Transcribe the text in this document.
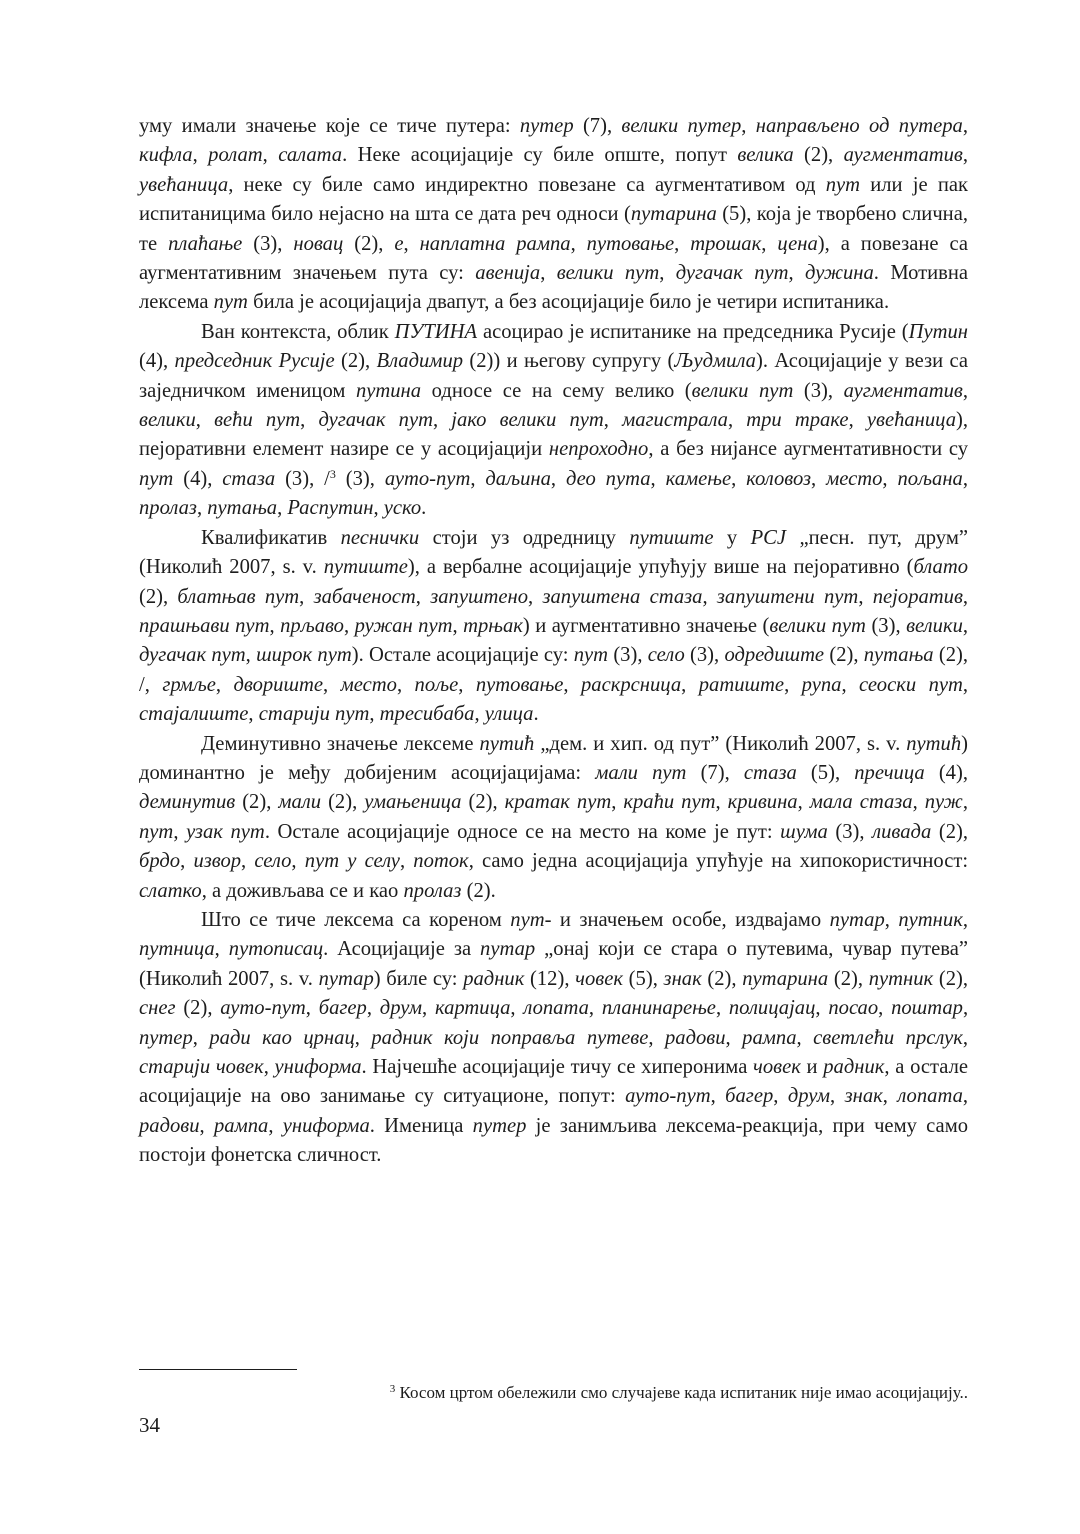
уму имали значење које се тиче путера: путер (7), велики путер, направљено од путера, кифла, ролат, салата. Неке асоцијације су биле опште, попут велика (2), аугментатив, увећаница, неке су биле само индиректно повезане са аугментативом од пут или је пак испитаницима било нејасно на шта се дата реч односи (путарина (5), која је творбено слична, те плаћање (3), новац (2), е, наплатна рампа, путовање, трошак, цена), а повезане са аугментативним значењем пута су: авенија, велики пут, дугачак пут, дужина. Мотивна лексема пут била је асоцијација двапут, а без асоцијације било је четири испитаника.

Ван контекста, облик ПУТИНА асоцирао је испитанике на председника Русије (Путин (4), председник Русије (2), Владимир (2)) и његову супругу (Људмила). Асоцијације у вези са заједничком именицом путина односе се на сему велико (велики пут (3), аугментатив, велики, већи пут, дугачак пут, јако велики пут, магистрала, три траке, увећаница), пејоративни елемент назире се у асоцијацији непроходно, а без нијансе аугментативности су пут (4), стаза (3), /$^3$ (3), ауто-пут, даљина, део пута, камење, коловоз, место, пољана, пролаз, путања, Распутин, уско.

Квалификатив песнички стоји уз одредницу путиште у РСЈ „песн. пут, друм” (Николић 2007, s. v. путиште), а вербалне асоцијације упућују више на пејоративно (блато (2), блатњав пут, забаченост, запуштено, запуштена стаза, запуштени пут, пејоратив, прашњави пут, прљаво, ружан пут, трњак) и аугментативно значење (велики пут (3), велики, дугачак пут, широк пут). Остале асоцијације су: пут (3), село (3), одредиште (2), путања (2), /, грмље, двориште, место, поље, путовање, раскрсница, ратиште, рупа, сеоски пут, стајалиште, старији пут, тресибаба, улица.

Деминутивно значење лексеме путић „дем. и хип. од пут” (Николић 2007, s. v. путић) доминантно је међу добијеним асоцијацијама: мали пут (7), стаза (5), пречица (4), деминутив (2), мали (2), умањеница (2), кратак пут, краћи пут, кривина, мала стаза, пуж, пут, узак пут. Остале асоцијације односе се на место на коме је пут: шума (3), ливада (2), брдо, извор, село, пут у селу, поток, само једна асоцијација упућује на хипокористичност: слатко, а доживљава се и као пролаз (2).

Што се тиче лексема са кореном пут- и значењем особе, издвајамо путар, путник, путница, путописац. Асоцијације за путар „онај који се стара о путевима, чувар путева” (Николић 2007, s. v. путар) биле су: радник (12), човек (5), знак (2), путарина (2), путник (2), снег (2), ауто-пут, багер, друм, картица, лопата, планинарење, полицајац, посао, поштар, путер, ради као црнац, радник који поправља путеве, радови, рампа, светлећи прслук, старији човек, униформа. Најчешће асоцијације тичу се хиперонима човек и радник, а остале асоцијације на ово занимање су ситуационе, попут: ауто-пут, багер, друм, знак, лопата, радови, рампа, униформа. Именица путер је занимљива лексема-реакција, при чему само постоји фонетска сличност.

$^3$ Косом цртом обележили смо случајеве када испитаник није имао асоцијацију..
34
